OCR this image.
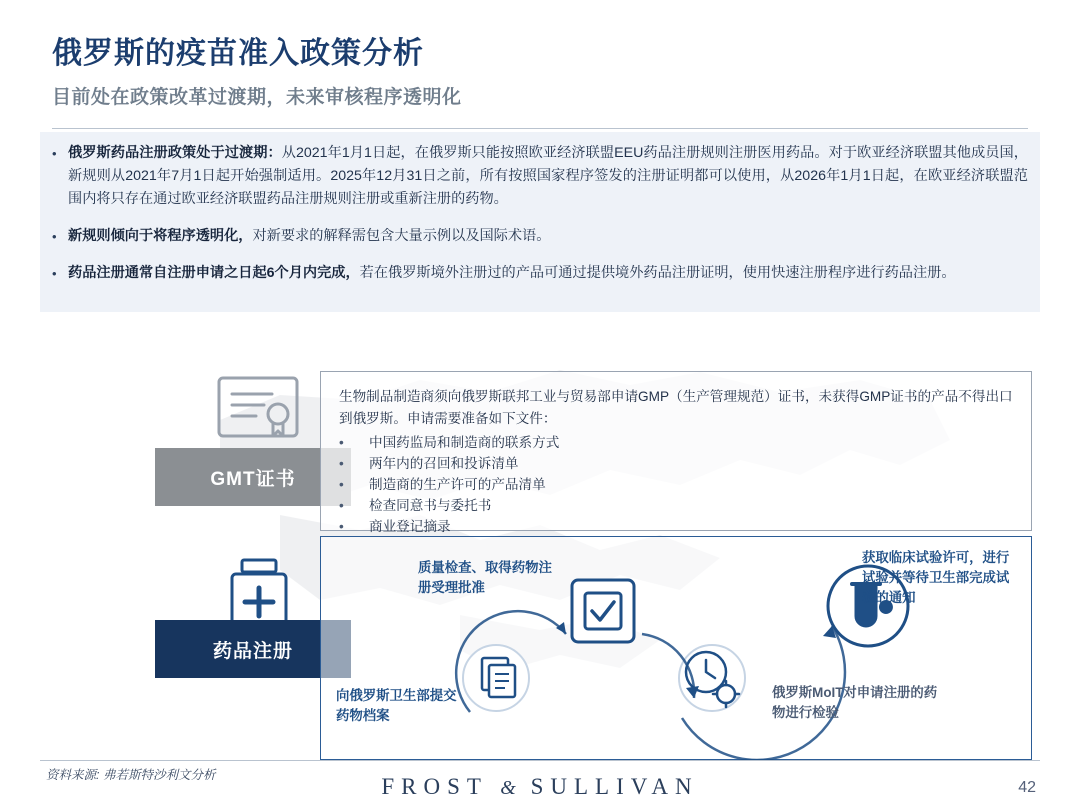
俄罗斯的疫苗准入政策分析
目前处在政策改革过渡期，未来审核程序透明化
• 俄罗斯药品注册政策处于过渡期：从2021年1月1日起，在俄罗斯只能按照欧亚经济联盟EEU药品注册规则注册医用药品。对于欧亚经济联盟其他成员国，新规则从2021年7月1日起开始强制适用。2025年12月31日之前，所有按照国家程序签发的注册证明都可以使用，从2026年1月1日起，在欧亚经济联盟范围内将只存在通过欧亚经济联盟药品注册规则注册或重新注册的药物。
• 新规则倾向于将程序透明化，对新要求的解释需包含大量示例以及国际术语。
• 药品注册通常自注册申请之日起6个月内完成，若在俄罗斯境外注册过的产品可通过提供境外药品注册证明，使用快速注册程序进行药品注册。
GMT证书
生物制品制造商须向俄罗斯联邦工业与贸易部申请GMP（生产管理规范）证书，未获得GMP证书的产品不得出口到俄罗斯。申请需要准备如下文件：
•	中国药监局和制造商的联系方式
•	两年内的召回和投诉清单
•	制造商的生产许可的产品清单
•	检查同意书与委托书
•	商业登记摘录
药品注册
质量检查、取得药物注册受理批准
向俄罗斯卫生部提交药物档案
俄罗斯MoIT对申请注册的药物进行检验
获取临床试验许可，进行试验并等待卫生部完成试验的通知
资料来源: 弗若斯特沙利文分析	FROST & SULLIVAN	42
